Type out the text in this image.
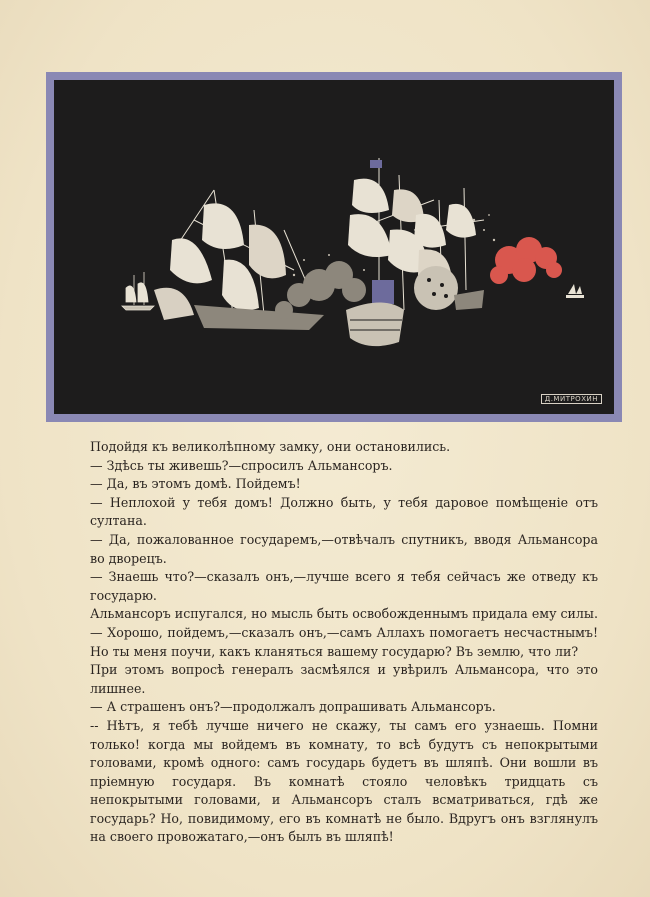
Д.МИТРОХИН

Подойдя къ великолѣпному замку, они остановились.

— Здѣсь ты живешь?—спросилъ Альмансоръ.

— Да, въ этомъ домѣ. Пойдемъ!

— Неплохой у тебя домъ! Должно быть, у тебя даровое помѣщеніе отъ султана.

— Да, пожалованное государемъ,—отвѣчалъ спутникъ, вводя Альмансора во дворецъ.

— Знаешь что?—сказалъ онъ,—лучше всего я тебя сейчасъ же отведу къ государю.

Альмансоръ испугался, но мысль быть освобожденнымъ придала ему силы.

— Хорошо, пойдемъ,—сказалъ онъ,—самъ Аллахъ помогаетъ несчастнымъ! Но ты меня поучи, какъ кланяться вашему государю? Въ землю, что ли?

При этомъ вопросѣ генералъ засмѣялся и увѣрилъ Альмансора, что это лишнее.

— А страшенъ онъ?—продолжалъ допрашивать Альмансоръ.

-- Нѣтъ, я тебѣ лучше ничего не скажу, ты самъ его узнаешь. Помни только! когда мы войдемъ въ комнату, то всѣ будутъ съ непокрытыми головами, кромѣ одного: самъ государь будетъ въ шляпѣ. Они вошли въ пріемную государя. Въ комнатѣ стояло человѣкъ тридцать съ непокрытыми головами, и Альмансоръ сталъ всматриваться, гдѣ же государь? Но, повидимому, его въ комнатѣ не было. Вдругъ онъ взглянулъ на своего провожатаго,—онъ былъ въ шляпѣ!
